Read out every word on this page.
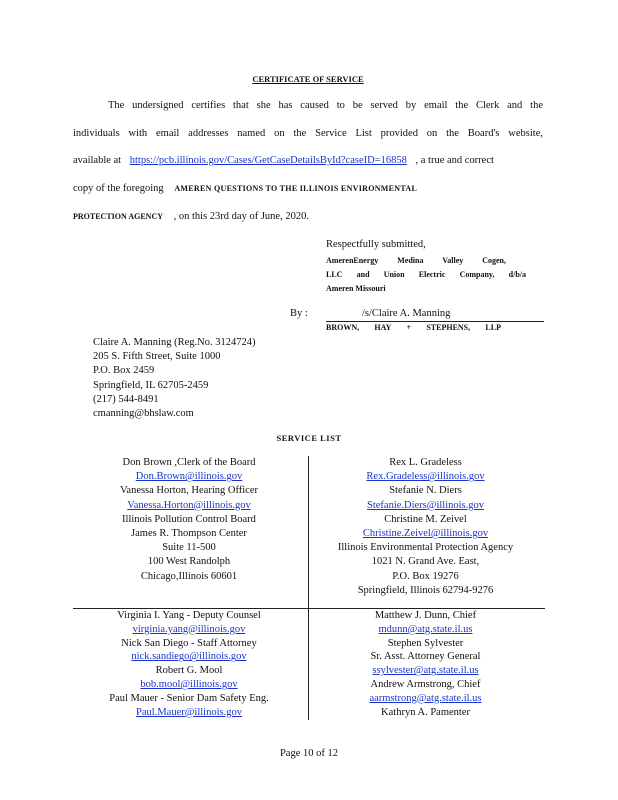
CERTIFICATE OF SERVICE
The undersigned certifies that she has caused to be served by email the Clerk and the
individuals with email addresses named on the Service List provided on the Board's website,
available at https://pcb.illinois.gov/Cases/GetCaseDetailsById?caseID=16858 , a true and correct
copy of the foregoing AMEREN QUESTIONS TO THE ILLINOIS ENVIRONMENTAL
PROTECTION AGENCY , on this 23rd day of June, 2020.
Respectfully submitted,
AmerenEnergy Medina Valley Cogen,
LLC and Union Electric Company, d/b/a
Ameren Missouri
By :	/s/Claire A. Manning
BROWN, HAY + STEPHENS, LLP
Claire A. Manning (Reg.No. 3124724)
205 S. Fifth Street, Suite 1000
P.O. Box 2459
Springfield, IL 62705-2459
(217) 544-8491
cmanning@bhslaw.com
SERVICE LIST
Don Brown ,Clerk of the Board
Don.Brown@illinois.gov
Vanessa Horton, Hearing Officer
Vanessa.Horton@illinois.gov
Illinois Pollution Control Board
James R. Thompson Center
Suite 11-500
100 West Randolph
Chicago,Illinois 60601
Rex L. Gradeless
Rex.Gradeless@illinois.gov
Stefanie N. Diers
Stefanie.Diers@illinois.gov
Christine M. Zeivel
Christine.Zeivel@illinois.gov
Illinois Environmental Protection Agency
1021 N. Grand Ave. East,
P.O. Box 19276
Springfield, Illinois 62794-9276
Virginia I. Yang - Deputy Counsel
virginia.yang@illinois.gov
Nick San Diego - Staff Attorney
nick.sandiego@illinois.gov
Robert G. Mool
bob.mool@illinois.gov
Paul Mauer - Senior Dam Safety Eng.
Paul.Mauer@illinois.gov
Matthew J. Dunn, Chief
mdunn@atg.state.il.us
Stephen Sylvester
Sr. Asst. Attorney General
ssylvester@atg.state.il.us
Andrew Armstrong, Chief
aarmstrong@atg.state.il.us
Kathryn A. Pamenter
Page 10 of 12
